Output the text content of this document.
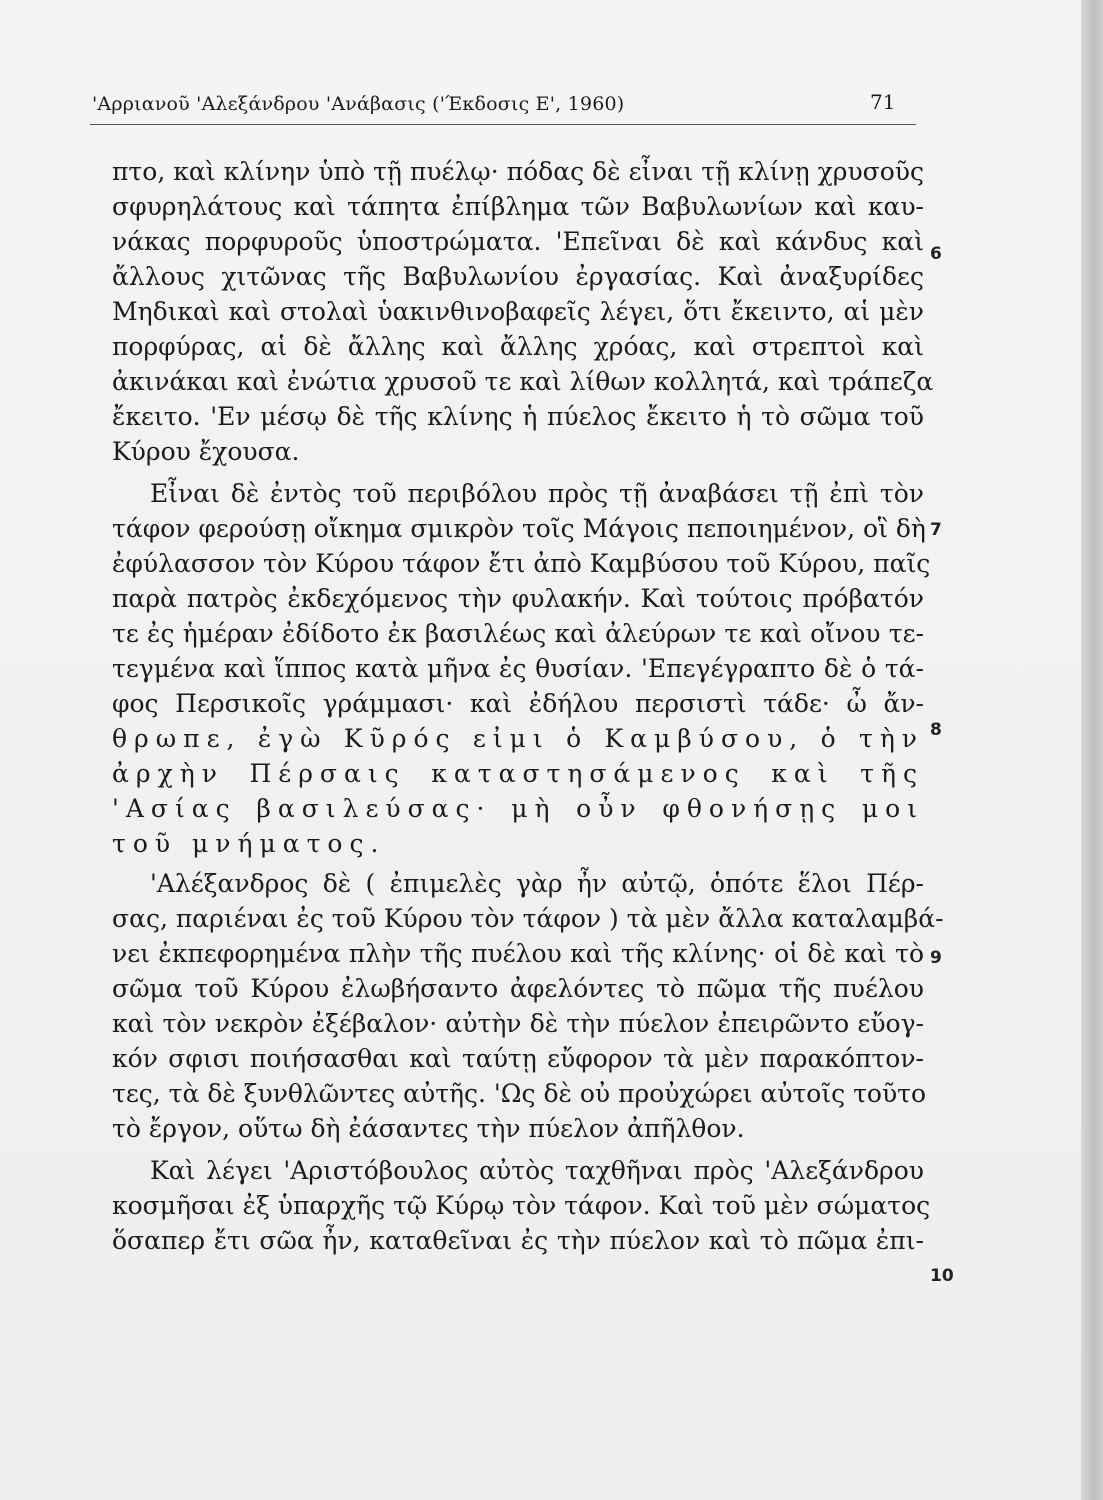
'Αρριανοῦ 'Αλεξάνδρου 'Ανάβασις ('Έκδοσις Ε', 1960)	71
πτο, καὶ κλίνην ὑπὸ τῇ πυέλῳ· πόδας δὲ εἶναι τῇ κλίνῃ χρυσοῦς
σφυρηλάτους καὶ τάπητα ἐπίβλημα τῶν Βαβυλωνίων καὶ καυ-
νάκας πορφυροῦς ὑποστρώματα. 'Επεῖναι δὲ καὶ κάνδυς καὶ
ἄλλους χιτῶνας τῆς Βαβυλωνίου ἐργασίας. Καὶ ἀναξυρίδες
Μηδικαὶ καὶ στολαὶ ὑακινθινοβαφεῖς λέγει, ὅτι ἔκειντο, αἱ μὲν
πορφύρας, αἱ δὲ ἄλλης καὶ ἄλλης χρόας, καὶ στρεπτοὶ καὶ
ἀκινάκαι καὶ ἐνώτια χρυσοῦ τε καὶ λίθων κολλητά, καὶ τράπεζα
ἔκειτο. 'Εν μέσῳ δὲ τῆς κλίνης ἡ πύελος ἔκειτο ἡ τὸ σῶμα τοῦ
Κύρου ἔχουσα.
Εἶναι δὲ ἐντὸς τοῦ περιβόλου πρὸς τῇ ἀναβάσει τῇ ἐπὶ τὸν
τάφον φερούσῃ οἴκημα σμικρὸν τοῖς Μάγοις πεποιημένον, οἳ δὴ
ἐφύλασσον τὸν Κύρου τάφον ἔτι ἀπὸ Καμβύσου τοῦ Κύρου, παῖς
παρὰ πατρὸς ἐκδεχόμενος τὴν φυλακήν. Καὶ τούτοις πρόβατόν
τε ἐς ἡμέραν ἐδίδοτο ἐκ βασιλέως καὶ ἀλεύρων τε καὶ οἴνου τε-
τεγμένα καὶ ἵππος κατὰ μῆνα ἐς θυσίαν. 'Επεγέγραπτο δὲ ὁ τά-
φος Περσικοῖς γράμμασι· καὶ ἐδήλου περσιστὶ τάδε· ὦ ἄν-
θρωπε, ἐγὼ Κῦρός εἰμι ὁ Καμβύσου, ὁ τὴν
ἀρχὴν Πέρσαις καταστησάμενος καὶ τῆς
'Ασίας βασιλεύσας· μὴ οὖν φθονήσῃς μοι
τοῦ μνήματος.
'Αλέξανδρος δὲ ( ἐπιμελὲς γὰρ ἦν αὐτῷ, ὁπότε ἕλοι Πέρ-
σας, παριέναι ἐς τοῦ Κύρου τὸν τάφον ) τὰ μὲν ἄλλα καταλαμβά-
νει ἐκπεφορημένα πλὴν τῆς πυέλου καὶ τῆς κλίνης· οἱ δὲ καὶ τὸ
σῶμα τοῦ Κύρου ἐλωβήσαντο ἀφελόντες τὸ πῶμα τῆς πυέλου
καὶ τὸν νεκρὸν ἐξέβαλον· αὐτὴν δὲ τὴν πύελον ἐπειρῶντο εὔογ-
κόν σφισι ποιήσασθαι καὶ ταύτῃ εὔφορον τὰ μὲν παρακόπτον-
τες, τὰ δὲ ξυνθλῶντες αὐτῆς. 'Ως δὲ οὐ προὐχώρει αὐτοῖς τοῦτο
τὸ ἔργον, οὕτω δὴ ἐάσαντες τὴν πύελον ἀπῆλθον.
Καὶ λέγει 'Αριστόβουλος αὐτὸς ταχθῆναι πρὸς 'Αλεξάνδρου
κοσμῆσαι ἐξ ὑπαρχῆς τῷ Κύρῳ τὸν τάφον. Καὶ τοῦ μὲν σώματος
ὅσαπερ ἔτι σῶα ἦν, καταθεῖναι ἐς τὴν πύελον καὶ τὸ πῶμα ἐπι-
6
7
8
9
10
